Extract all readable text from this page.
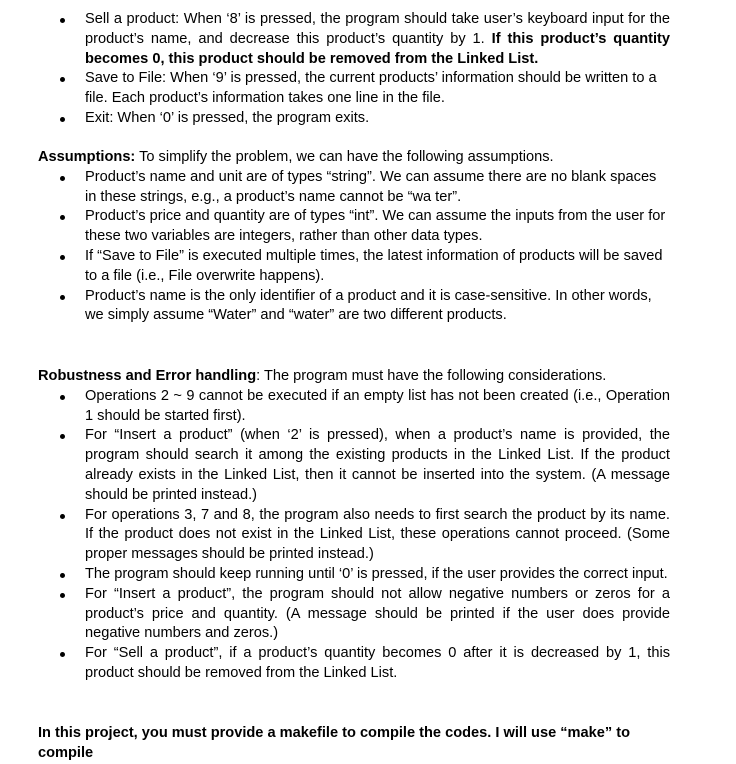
Sell a product: When ‘8’ is pressed, the program should take user’s keyboard input for the product’s name, and decrease this product’s quantity by 1. If this product’s quantity becomes 0, this product should be removed from the Linked List.
Save to File: When ‘9’ is pressed, the current products’ information should be written to a file. Each product’s information takes one line in the file.
Exit: When ‘0’ is pressed, the program exits.

Assumptions: To simplify the problem, we can have the following assumptions.

Product’s name and unit are of types “string”. We can assume there are no blank spaces in these strings, e.g., a product’s name cannot be “wa ter”.
Product’s price and quantity are of types “int”. We can assume the inputs from the user for these two variables are integers, rather than other data types.
If “Save to File” is executed multiple times, the latest information of products will be saved to a file (i.e., File overwrite happens).
Product’s name is the only identifier of a product and it is case-sensitive. In other words, we simply assume “Water” and “water” are two different products.

Robustness and Error handling: The program must have the following considerations.

Operations 2 ~ 9 cannot be executed if an empty list has not been created (i.e., Operation 1 should be started first).
For “Insert a product” (when ‘2’ is pressed), when a product’s name is provided, the program should search it among the existing products in the Linked List. If the product already exists in the Linked List, then it cannot be inserted into the system. (A message should be printed instead.)
For operations 3, 7 and 8, the program also needs to first search the product by its name. If the product does not exist in the Linked List, these operations cannot proceed. (Some proper messages should be printed instead.)
The program should keep running until ‘0’ is pressed, if the user provides the correct input.
For “Insert a product”, the program should not allow negative numbers or zeros for a product’s price and quantity. (A message should be printed if the user does provide negative numbers and zeros.)
For “Sell a product”, if a product’s quantity becomes 0 after it is decreased by 1, this product should be removed from the Linked List.

In this project, you must provide a makefile to compile the codes. I will use “make” to compile
